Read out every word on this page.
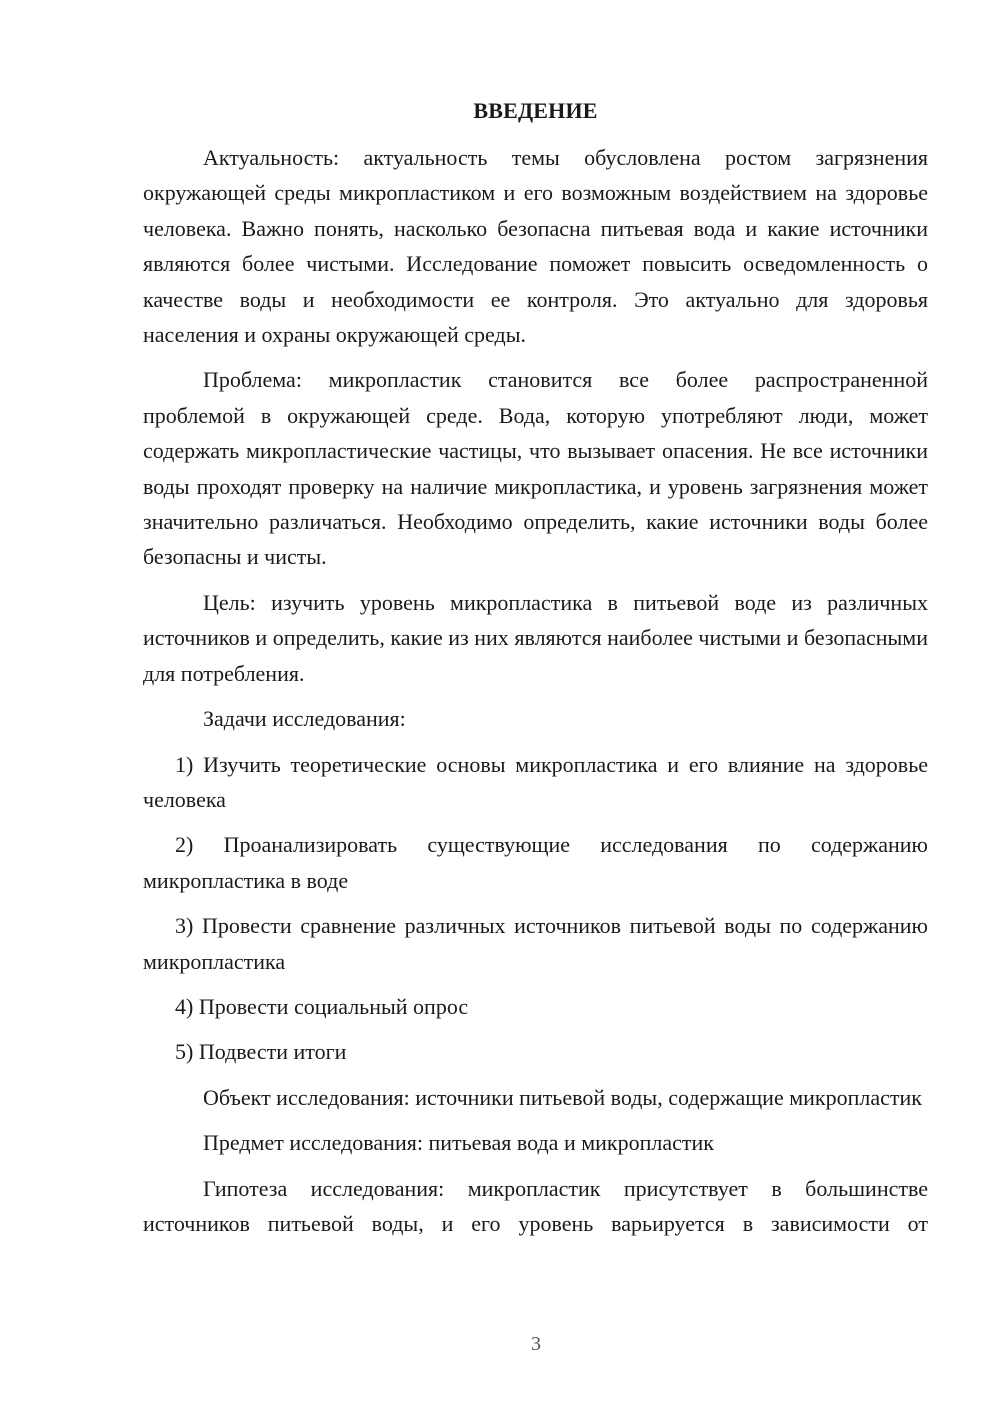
ВВЕДЕНИЕ

Актуальность: актуальность темы обусловлена ростом загрязнения окружающей среды микропластиком и его возможным воздействием на здоровье человека. Важно понять, насколько безопасна питьевая вода и какие источники являются более чистыми. Исследование поможет повысить осведомленность о качестве воды и необходимости ее контроля. Это актуально для здоровья населения и охраны окружающей среды.

Проблема: микропластик становится все более распространенной проблемой в окружающей среде. Вода, которую употребляют люди, может содержать микропластические частицы, что вызывает опасения. Не все источники воды проходят проверку на наличие микропластика, и уровень загрязнения может значительно различаться. Необходимо определить, какие источники воды более безопасны и чисты.

Цель: изучить уровень микропластика в питьевой воде из различных источников и определить, какие из них являются наиболее чистыми и безопасными для потребления.

Задачи исследования:

1) Изучить теоретические основы микропластика и его влияние на здоровье человека

2) Проанализировать существующие исследования по содержанию микропластика в воде

3) Провести сравнение различных источников питьевой воды по содержанию микропластика

4) Провести социальный опрос

5) Подвести итоги

Объект исследования: источники питьевой воды, содержащие микропластик

Предмет исследования: питьевая вода и микропластик

Гипотеза исследования: микропластик присутствует в большинстве источников питьевой воды, и его уровень варьируется в зависимости от

3
